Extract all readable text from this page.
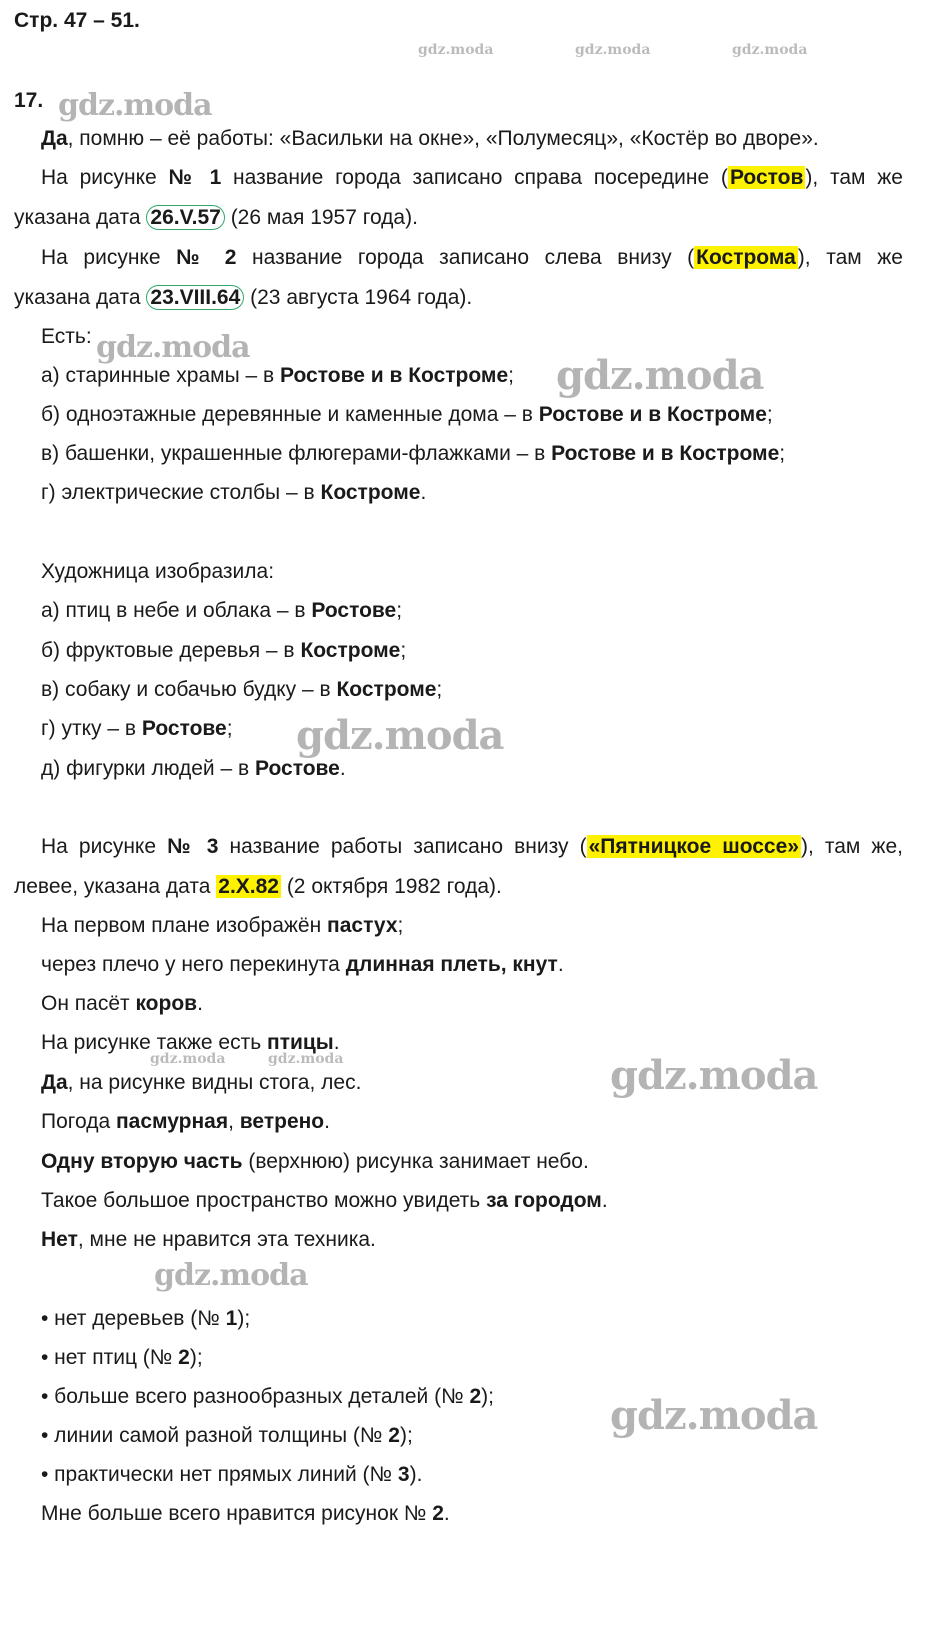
gdz.moda	gdz.moda	gdz.moda
gdz.moda
gdz.moda
gdz.moda
gdz.moda
gdz.moda	gdz.moda	gdz.moda
gdz.moda
gdz.moda
Стр. 47 – 51.
17.
Да, помню – её работы: «Васильки на окне», «Полумесяц», «Костёр во дворе».
На рисунке № 1 название города записано справа посередине (Ростов), там же
указана дата 26.V.57 (26 мая 1957 года).
На рисунке № 2 название города записано слева внизу (Кострома), там же
указана дата 23.VIII.64 (23 августа 1964 года).
Есть:
а) старинные храмы – в Ростове и в Костроме;
б) одноэтажные деревянные и каменные дома – в Ростове и в Костроме;
в) башенки, украшенные флюгерами-флажками – в Ростове и в Костроме;
г) электрические столбы – в Костроме.
Художница изобразила:
а) птиц в небе и облака – в Ростове;
б) фруктовые деревья – в Костроме;
в) собаку и собачью будку – в Костроме;
г) утку – в Ростове;
д) фигурки людей – в Ростове.
На рисунке № 3 название работы записано внизу («Пятницкое шоссе»), там же,
левее, указана дата 2.X.82 (2 октября 1982 года).
На первом плане изображён пастух;
через плечо у него перекинута длинная плеть, кнут.
Он пасёт коров.
На рисунке также есть птицы.
Да, на рисунке видны стога, лес.
Погода пасмурная, ветрено.
Одну вторую часть (верхнюю) рисунка занимает небо.
Такое большое пространство можно увидеть за городом.
Нет, мне не нравится эта техника.
• нет деревьев (№ 1);
• нет птиц (№ 2);
• больше всего разнообразных деталей (№ 2);
• линии самой разной толщины (№ 2);
• практически нет прямых линий (№ 3).
Мне больше всего нравится рисунок № 2.
